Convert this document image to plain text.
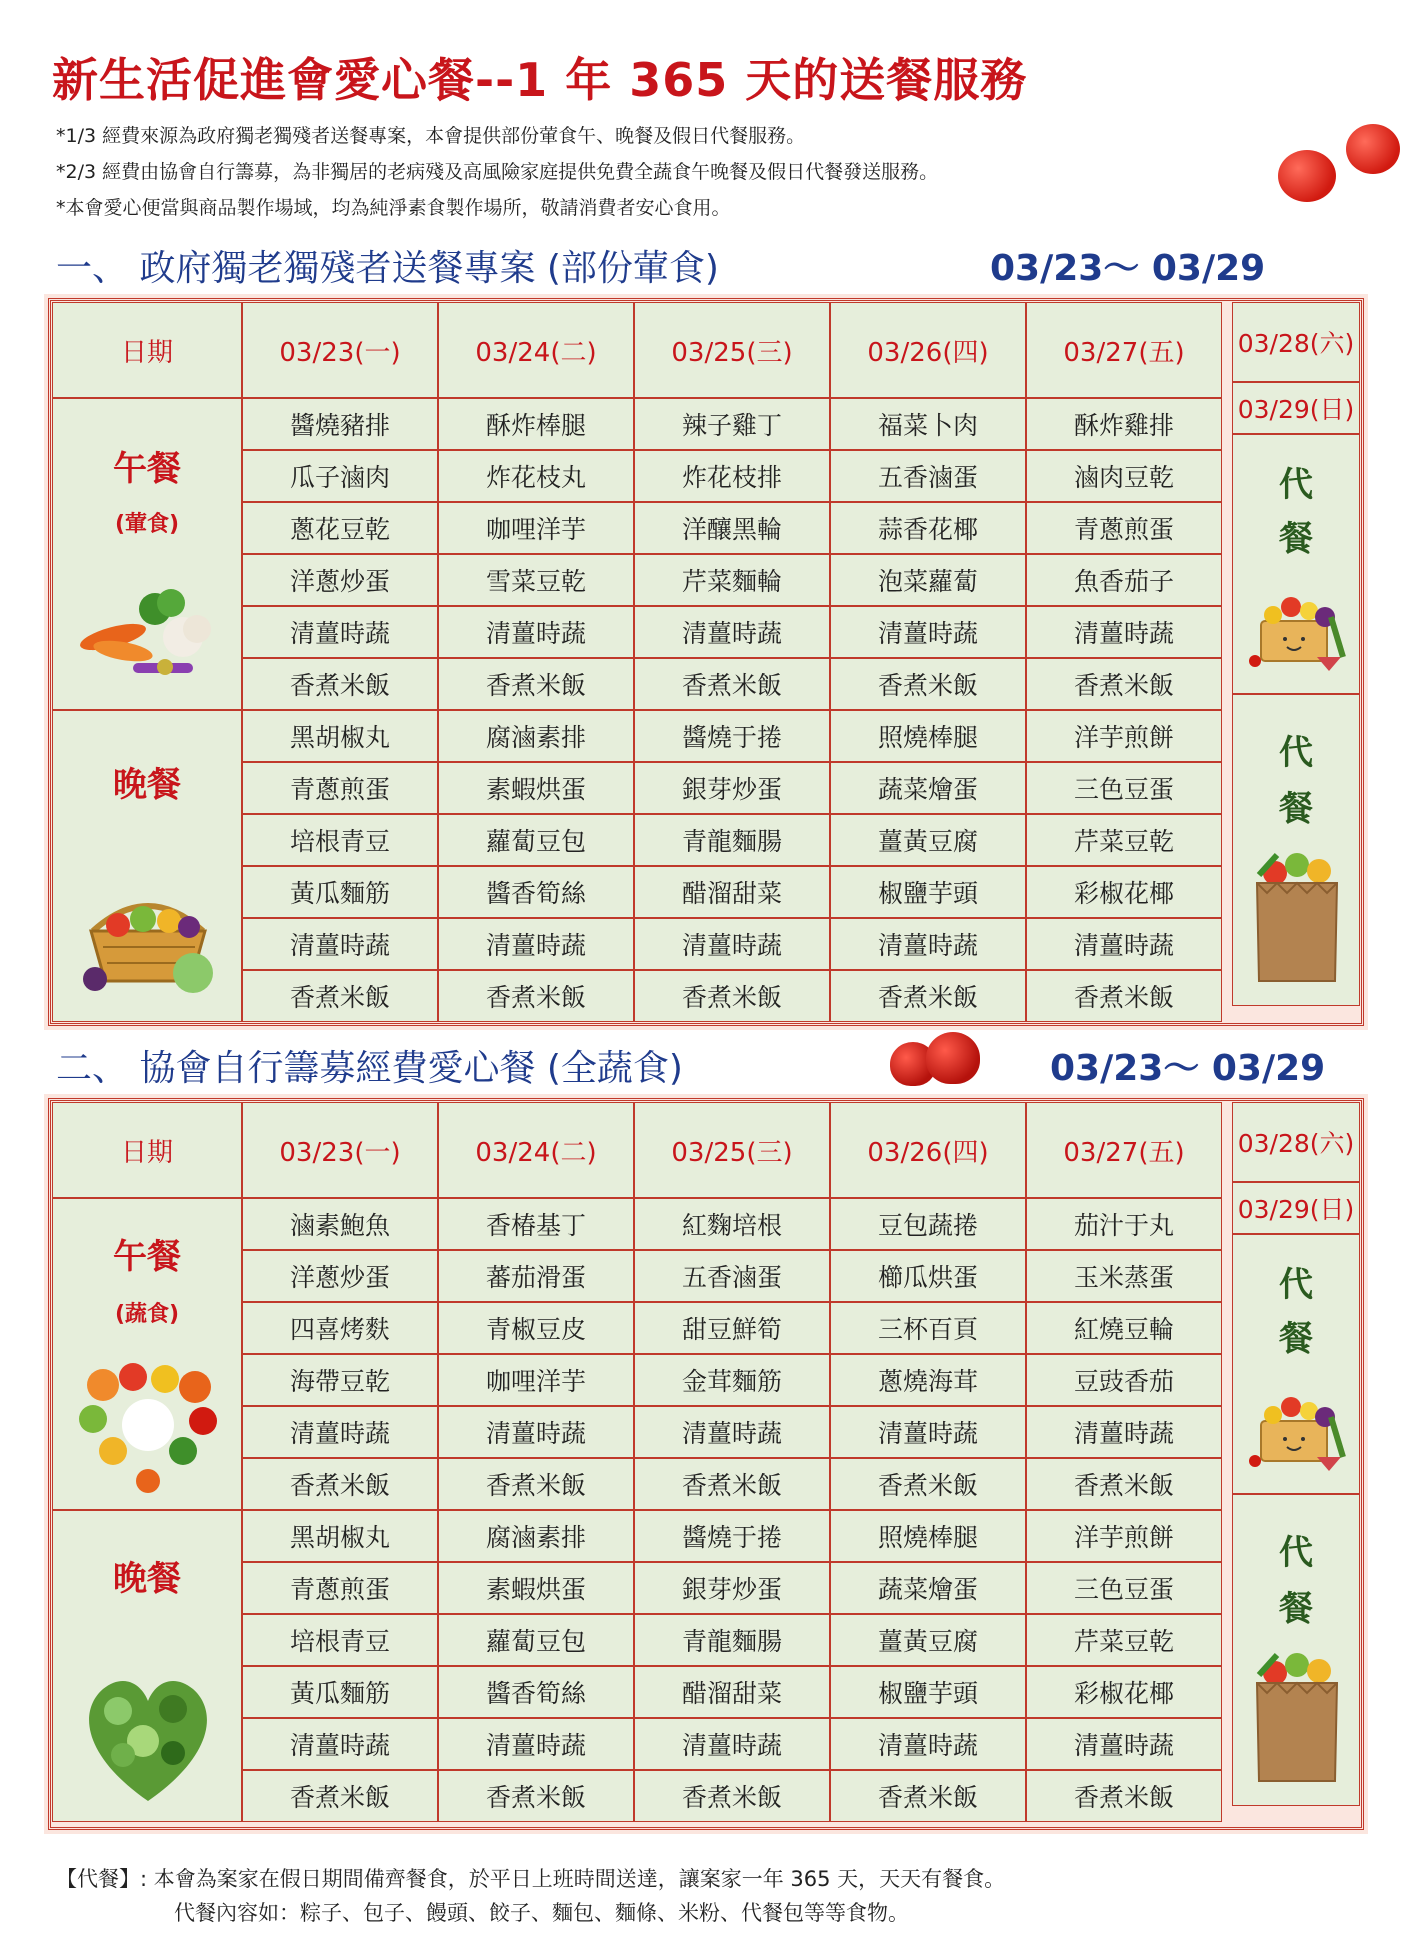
新生活促進會愛心餐--1 年 365 天的送餐服務
*1/3 經費來源為政府獨老獨殘者送餐專案，本會提供部份葷食午、晚餐及假日代餐服務。
*2/3 經費由協會自行籌募，為非獨居的老病殘及高風險家庭提供免費全蔬食午晚餐及假日代餐發送服務。
*本會愛心便當與商品製作場域，均為純淨素食製作場所，敬請消費者安心食用。
一、 政府獨老獨殘者送餐專案 (部份葷食)	03/23～ 03/29
日期	03/23(一)	03/24(二)	03/25(三)	03/26(四)	03/27(五)
午餐
(葷食)
醬燒豬排	酥炸棒腿	辣子雞丁	福菜卜肉	酥炸雞排
瓜子滷肉	炸花枝丸	炸花枝排	五香滷蛋	滷肉豆乾
蔥花豆乾	咖哩洋芋	洋釀黑輪	蒜香花椰	青蔥煎蛋
洋蔥炒蛋	雪菜豆乾	芹菜麵輪	泡菜蘿蔔	魚香茄子
清薑時蔬	清薑時蔬	清薑時蔬	清薑時蔬	清薑時蔬
香煮米飯	香煮米飯	香煮米飯	香煮米飯	香煮米飯
晚餐
黑胡椒丸	腐滷素排	醬燒于捲	照燒棒腿	洋芋煎餅
青蔥煎蛋	素蝦烘蛋	銀芽炒蛋	蔬菜燴蛋	三色豆蛋
培根青豆	蘿蔔豆包	青龍麵腸	薑黃豆腐	芹菜豆乾
黃瓜麵筋	醬香筍絲	醋溜甜菜	椒鹽芋頭	彩椒花椰
清薑時蔬	清薑時蔬	清薑時蔬	清薑時蔬	清薑時蔬
香煮米飯	香煮米飯	香煮米飯	香煮米飯	香煮米飯
03/28(六)
03/29(日)
代
餐
代
餐
二、 協會自行籌募經費愛心餐 (全蔬食)	03/23～ 03/29
日期	03/23(一)	03/24(二)	03/25(三)	03/26(四)	03/27(五)
午餐
(蔬食)
滷素鮑魚	香椿基丁	紅麴培根	豆包蔬捲	茄汁于丸
洋蔥炒蛋	蕃茄滑蛋	五香滷蛋	櫛瓜烘蛋	玉米蒸蛋
四喜烤麩	青椒豆皮	甜豆鮮筍	三杯百頁	紅燒豆輪
海帶豆乾	咖哩洋芋	金茸麵筋	蔥燒海茸	豆豉香茄
清薑時蔬	清薑時蔬	清薑時蔬	清薑時蔬	清薑時蔬
香煮米飯	香煮米飯	香煮米飯	香煮米飯	香煮米飯
晚餐
黑胡椒丸	腐滷素排	醬燒于捲	照燒棒腿	洋芋煎餅
青蔥煎蛋	素蝦烘蛋	銀芽炒蛋	蔬菜燴蛋	三色豆蛋
培根青豆	蘿蔔豆包	青龍麵腸	薑黃豆腐	芹菜豆乾
黃瓜麵筋	醬香筍絲	醋溜甜菜	椒鹽芋頭	彩椒花椰
清薑時蔬	清薑時蔬	清薑時蔬	清薑時蔬	清薑時蔬
香煮米飯	香煮米飯	香煮米飯	香煮米飯	香煮米飯
03/28(六)
03/29(日)
代
餐
代
餐
【代餐】: 本會為案家在假日期間備齊餐食，於平日上班時間送達，讓案家一年 365 天，天天有餐食。
代餐內容如：粽子、包子、饅頭、餃子、麵包、麵條、米粉、代餐包等等食物。
